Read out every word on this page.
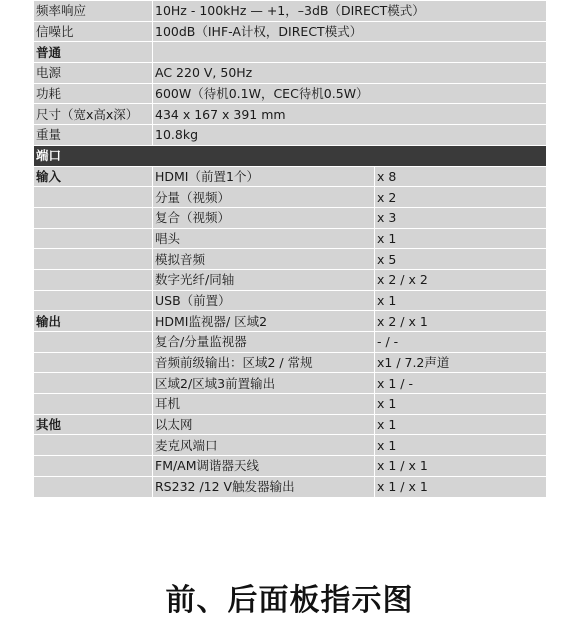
频率响应	10Hz - 100kHz — +1，–3dB（DIRECT模式）	
信噪比	100dB（IHF-A计权，DIRECT模式）	
普通		
电源	AC 220 V, 50Hz	
功耗	600W（待机0.1W，CEC待机0.5W）	
尺寸（宽x高x深）	434 x 167 x 391 mm	
重量	10.8kg	
端口		
输入	HDMI（前置1个）	x 8
	分量（视频）	x 2
	复合（视频）	x 3
	唱头	x 1
	模拟音频	x 5
	数字光纤/同轴	x 2 / x 2
	USB（前置）	x 1
输出	HDMI监视器/ 区域2	x 2 / x 1
	复合/分量监视器	- / -
	音频前级输出：区域2 / 常规	x1 / 7.2声道
	区域2/区域3前置输出	x 1 / -
	耳机	x 1
其他	以太网	x 1
	麦克风端口	x 1
	FM/AM调谐器天线	x 1 / x 1
	RS232 /12 V触发器输出	x 1 / x 1
前、后面板指示图
